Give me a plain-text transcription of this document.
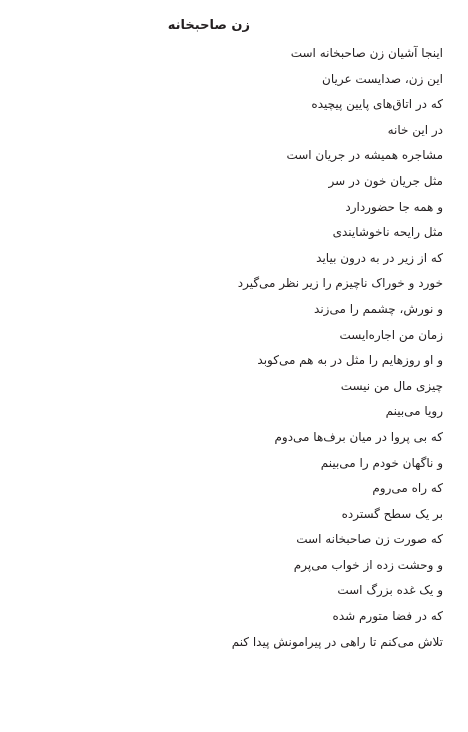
زن صاحبخانه
اینجا آشیان زن صاحبخانه است
این زن، صدایست عریان
که در اتاق‌های پایین پیچیده
در این خانه
مشاجره همیشه در جریان است
مثل جریان خون در سر
و همه جا حضوردارد
مثل رایحه ناخوشایندی
که از زیر در به درون بیاید
خورد و خوراک ناچیزم را زیر نظر می‌گیرد
و نورش، چشمم را می‌زند
زمان من اجاره‌ایست
و او روزهایم را مثل در به هم می‌کوبد
چیزی مال من نیست
رویا می‌بینم
که بی پروا در میان برف‌ها می‌دوم
و ناگهان خودم را می‌بینم
که راه می‌روم
بر یک سطح گسترده
که صورت زن صاحبخانه است
و وحشت زده از خواب می‌پرم
و یک غده بزرگ است
که در فضا متورم شده
تلاش می‌کنم تا راهی در پیرامونش پیدا کنم
